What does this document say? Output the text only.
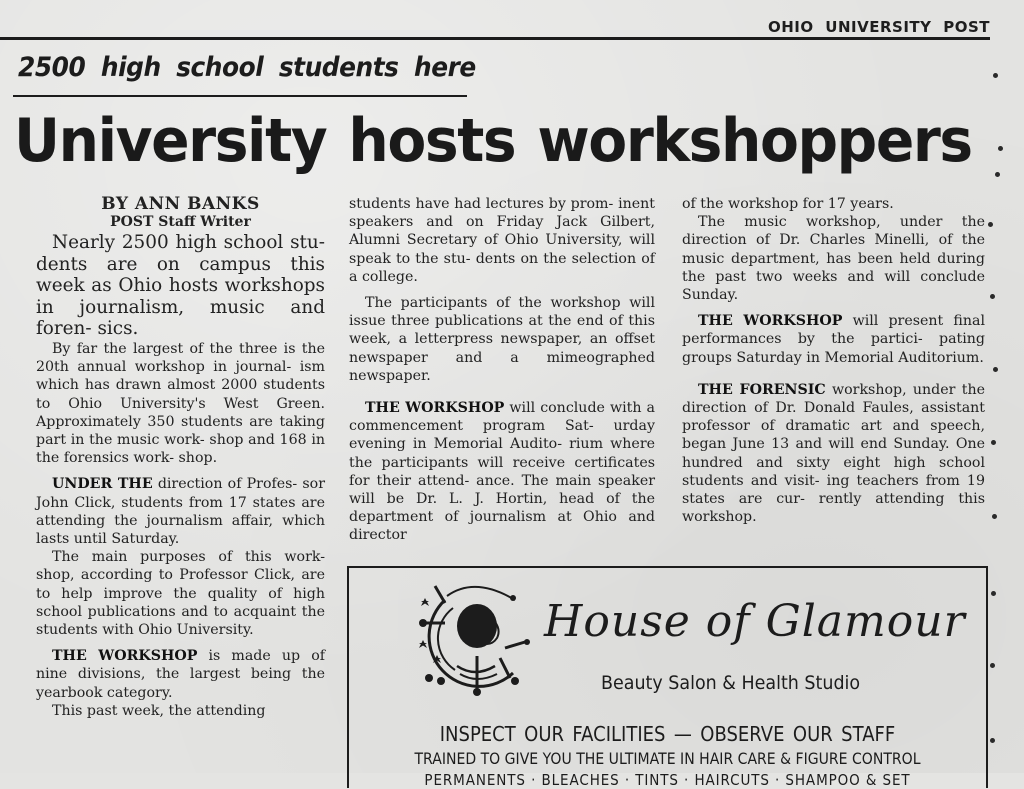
OHIO UNIVERSITY POST
2500 high school students here
University hosts workshoppers

BY ANN BANKS

POST Staff Writer

Nearly 2500 high school stu- dents are on campus this week as Ohio hosts workshops in journalism, music and foren- sics.

By far the largest of the three is the 20th annual workshop in journal- ism which has drawn almost 2000 students to Ohio University's West Green. Approximately 350 students are taking part in the music work- shop and 168 in the forensics work- shop.

UNDER THE direction of Profes- sor John Click, students from 17 states are attending the journalism affair, which lasts until Saturday.

The main purposes of this work- shop, according to Professor Click, are to help improve the quality of high school publications and to acquaint the students with Ohio University.

THE WORKSHOP is made up of nine divisions, the largest being the yearbook category.

This past week, the attending

students have had lectures by prom- inent speakers and on Friday Jack Gilbert, Alumni Secretary of Ohio University, will speak to the stu- dents on the selection of a college.

The participants of the workshop will issue three publications at the end of this week, a letterpress newspaper, an offset newspaper and a mimeographed newspaper.

THE WORKSHOP will conclude with a commencement program Sat- urday evening in Memorial Audito- rium where the participants will receive certificates for their attend- ance. The main speaker will be Dr. L. J. Hortin, head of the department of journalism at Ohio and director

of the workshop for 17 years.

The music workshop, under the direction of Dr. Charles Minelli, of the music department, has been held during the past two weeks and will conclude Sunday.

THE WORKSHOP will present final performances by the partici- pating groups Saturday in Memorial Auditorium.

THE FORENSIC workshop, under the direction of Dr. Donald Faules, assistant professor of dramatic art and speech, began June 13 and will end Sunday. One hundred and sixty eight high school students and visit- ing teachers from 19 states are cur- rently attending this workshop.

House of Glamour
Beauty Salon & Health Studio
INSPECT OUR FACILITIES — OBSERVE OUR STAFF
TRAINED TO GIVE YOU THE ULTIMATE IN HAIR CARE & FIGURE CONTROL
PERMANENTS · BLEACHES · TINTS · HAIRCUTS · SHAMPOO & SET
